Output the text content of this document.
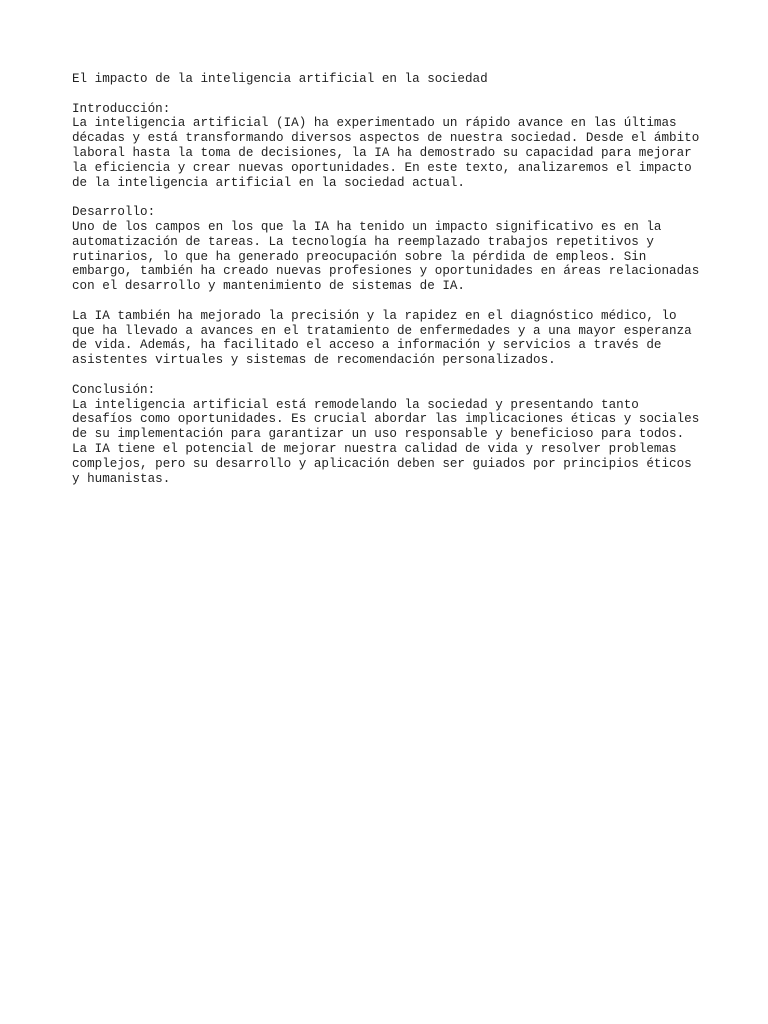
El impacto de la inteligencia artificial en la sociedad
Introducción:
La inteligencia artificial (IA) ha experimentado un rápido avance en las últimas
décadas y está transformando diversos aspectos de nuestra sociedad. Desde el ámbito
laboral hasta la toma de decisiones, la IA ha demostrado su capacidad para mejorar
la eficiencia y crear nuevas oportunidades. En este texto, analizaremos el impacto
de la inteligencia artificial en la sociedad actual.
Desarrollo:
Uno de los campos en los que la IA ha tenido un impacto significativo es en la
automatización de tareas. La tecnología ha reemplazado trabajos repetitivos y
rutinarios, lo que ha generado preocupación sobre la pérdida de empleos. Sin
embargo, también ha creado nuevas profesiones y oportunidades en áreas relacionadas
con el desarrollo y mantenimiento de sistemas de IA.
La IA también ha mejorado la precisión y la rapidez en el diagnóstico médico, lo
que ha llevado a avances en el tratamiento de enfermedades y a una mayor esperanza
de vida. Además, ha facilitado el acceso a información y servicios a través de
asistentes virtuales y sistemas de recomendación personalizados.
Conclusión:
La inteligencia artificial está remodelando la sociedad y presentando tanto
desafíos como oportunidades. Es crucial abordar las implicaciones éticas y sociales
de su implementación para garantizar un uso responsable y beneficioso para todos.
La IA tiene el potencial de mejorar nuestra calidad de vida y resolver problemas
complejos, pero su desarrollo y aplicación deben ser guiados por principios éticos
y humanistas.
